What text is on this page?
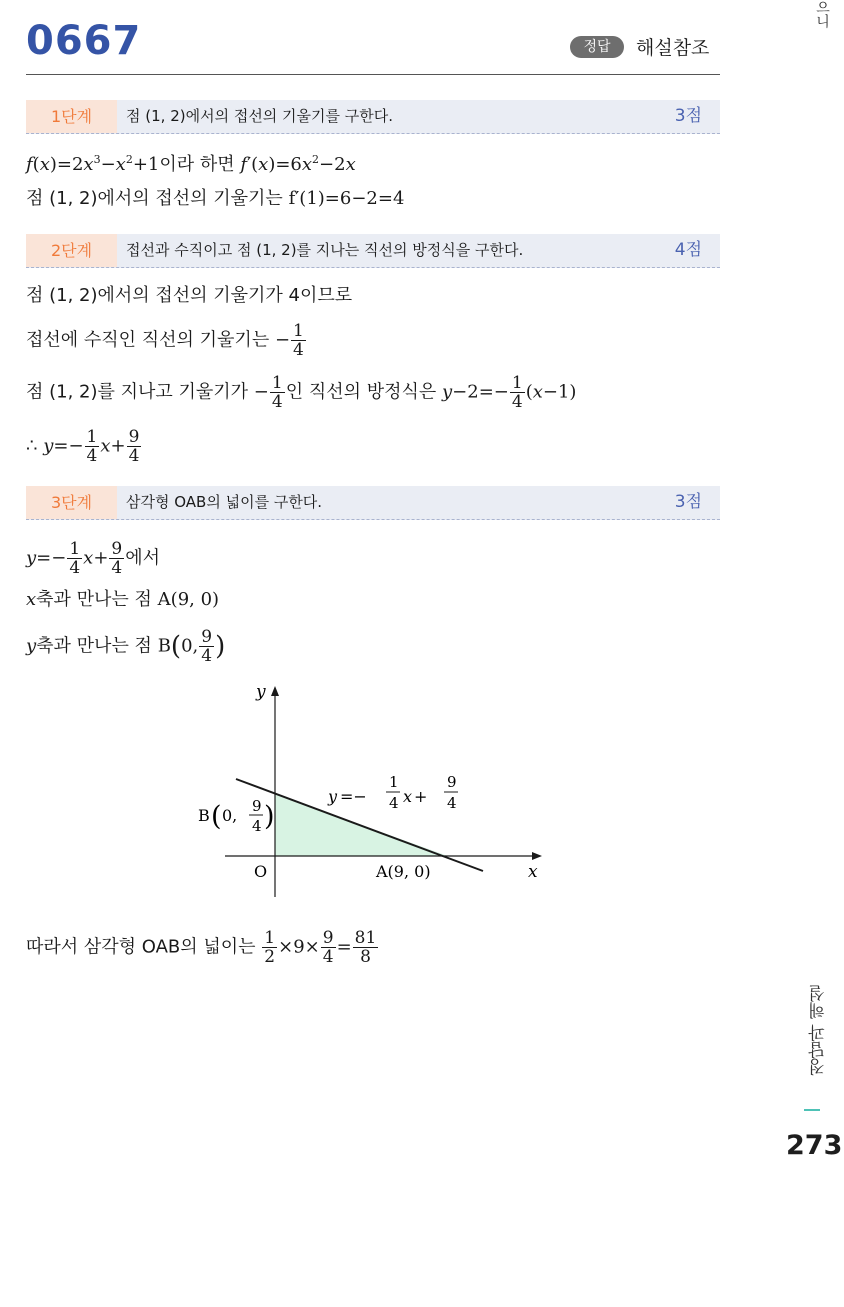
0667	정답	해설참조
1단계	점 (1, 2)에서의 접선의 기울기를 구한다.	3점
$f(x)=2x^3-x^2+1$이라 하면 $f'(x)=6x^2-2x$
점 (1, 2)에서의 접선의 기울기는 f′(1)=6−2=4
2단계	접선과 수직이고 점 (1, 2)를 지나는 직선의 방정식을 구한다.	4점
점 (1, 2)에서의 접선의 기울기가 4이므로
접선에 수직인 직선의 기울기는 − $\frac{1}{4}$
점 (1, 2)를 지나고 기울기가 − $\frac{1}{4}$ 인 직선의 방정식은 $y-2=- \frac{1}{4} (x-1)$
∴ $y=- \frac{1}{4} x+ \frac{9}{4}$
3단계	삼각형 OAB의 넓이를 구한다.	3점
$y=- \frac{1}{4} x+ \frac{9}{4}$ 에서
x축과 만나는 점 A(9, 0)
y축과 만나는 점 B(0, $\frac{9}{4}$ )
y
x
O	A(9, 0)
B ( 0, 9
4 )
y =−
1
4 x +
9
4
따라서 삼각형 OAB의 넓이는 $\frac{1}{2} \times 9\times \frac{9}{4} = \frac{81}{8}$
으니
정답과 해설
273
